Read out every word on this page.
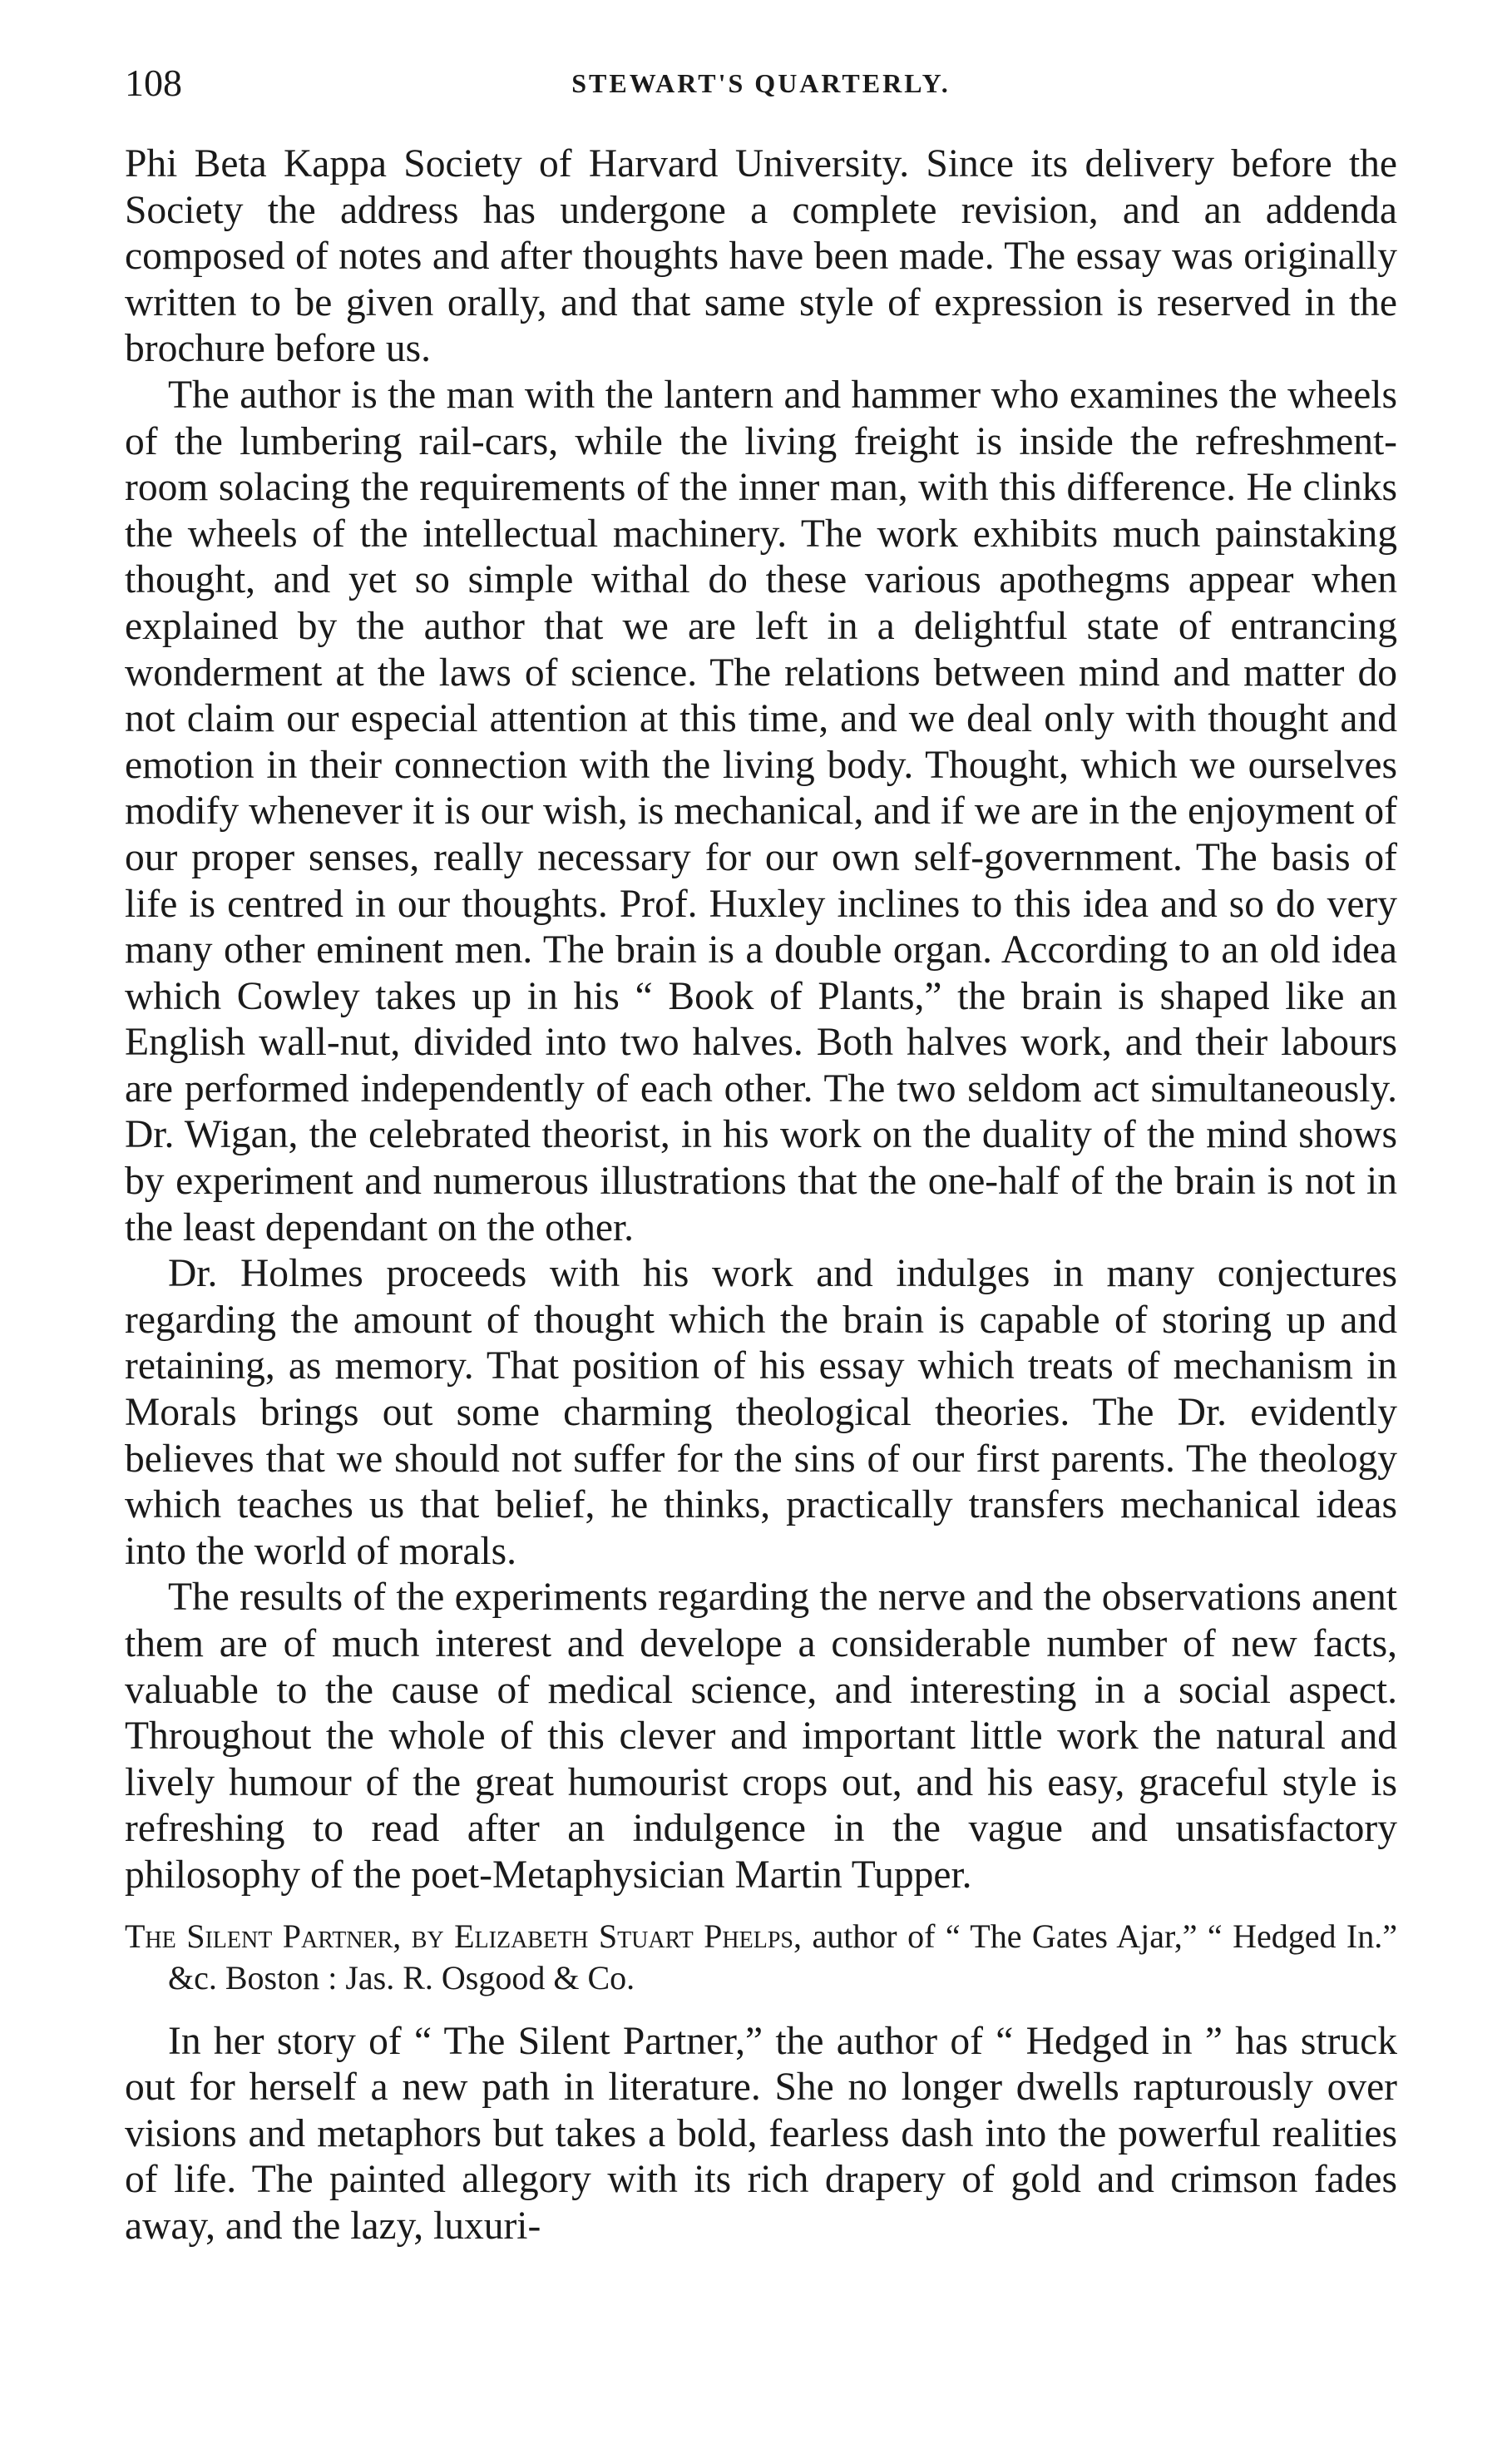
108	STEWART'S QUARTERLY.

Phi Beta Kappa Society of Harvard University. Since its delivery before the Society the address has undergone a complete revision, and an addenda composed of notes and after thoughts have been made. The essay was originally written to be given orally, and that same style of expression is reserved in the brochure before us.

The author is the man with the lantern and hammer who examines the wheels of the lumbering rail-cars, while the living freight is inside the refreshment-room solacing the requirements of the inner man, with this difference. He clinks the wheels of the intellectual machinery. The work exhibits much painstaking thought, and yet so simple withal do these various apothegms appear when explained by the author that we are left in a delightful state of entrancing wonderment at the laws of science. The relations between mind and matter do not claim our especial attention at this time, and we deal only with thought and emotion in their connection with the living body. Thought, which we ourselves modify whenever it is our wish, is mechanical, and if we are in the enjoyment of our proper senses, really necessary for our own self-government. The basis of life is centred in our thoughts. Prof. Huxley inclines to this idea and so do very many other eminent men. The brain is a double organ. According to an old idea which Cowley takes up in his “ Book of Plants,” the brain is shaped like an English wall-nut, divided into two halves. Both halves work, and their labours are performed independently of each other. The two seldom act simultaneously. Dr. Wigan, the celebrated theorist, in his work on the duality of the mind shows by experiment and numerous illustrations that the one-half of the brain is not in the least dependant on the other.

Dr. Holmes proceeds with his work and indulges in many conjectures regarding the amount of thought which the brain is capable of storing up and retaining, as memory. That position of his essay which treats of mechanism in Morals brings out some charming theological theories. The Dr. evidently believes that we should not suffer for the sins of our first parents. The theology which teaches us that belief, he thinks, practically transfers mechanical ideas into the world of morals.

The results of the experiments regarding the nerve and the observations anent them are of much interest and develope a considerable number of new facts, valuable to the cause of medical science, and interesting in a social aspect. Throughout the whole of this clever and important little work the natural and lively humour of the great humourist crops out, and his easy, graceful style is refreshing to read after an indulgence in the vague and unsatisfactory philosophy of the poet-Metaphysician Martin Tupper.

The Silent Partner, by Elizabeth Stuart Phelps, author of “ The Gates Ajar,” “ Hedged In.” &c. Boston : Jas. R. Osgood & Co.

In her story of “ The Silent Partner,” the author of “ Hedged in ” has struck out for herself a new path in literature. She no longer dwells rapturously over visions and metaphors but takes a bold, fearless dash into the powerful realities of life. The painted allegory with its rich drapery of gold and crimson fades away, and the lazy, luxuri-
